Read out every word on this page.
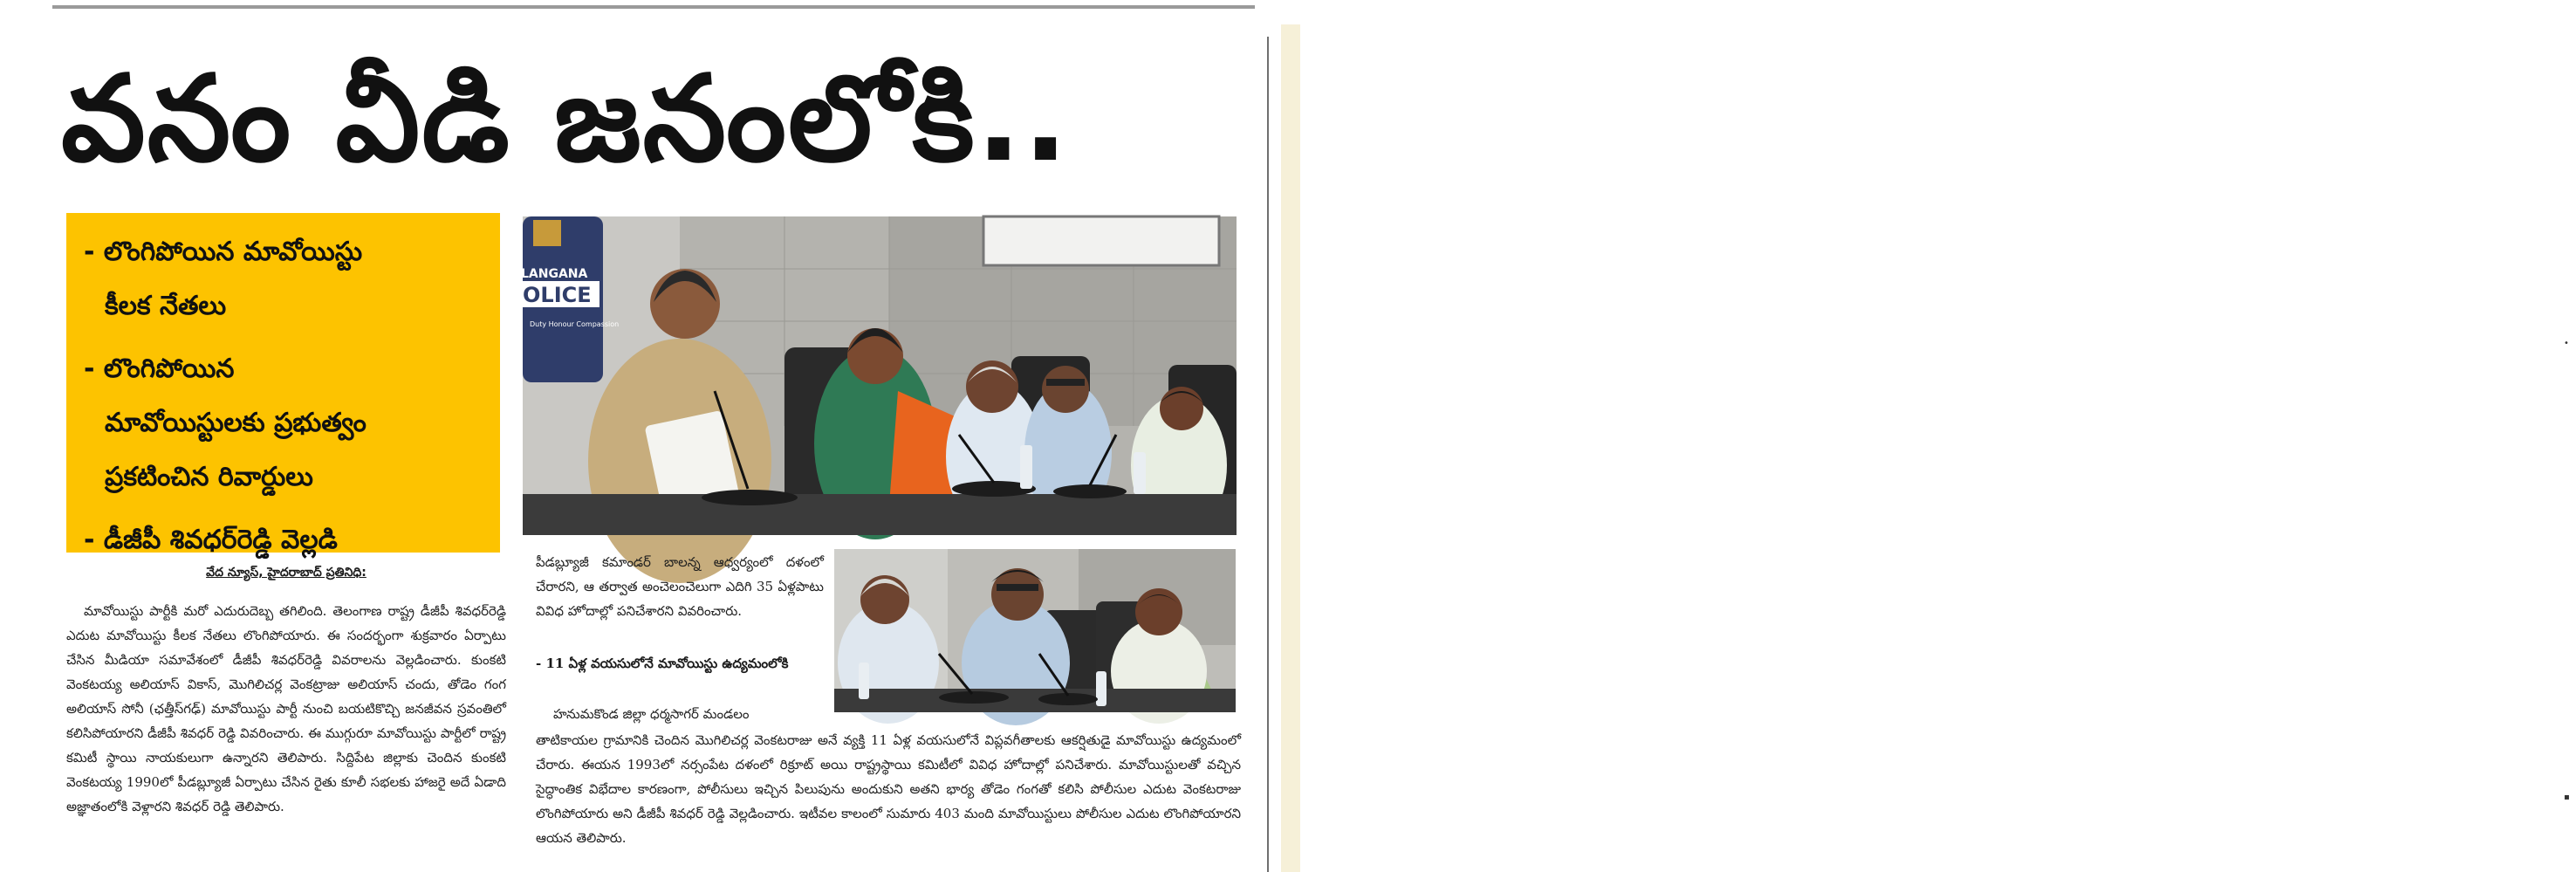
•
▪
వనం వీడి జనంలోకి..
- లొంగిపోయిన మావోయిస్టు
కీలక నేతలు
- లొంగిపోయిన
మావోయిస్టులకు ప్రభుత్వం
ప్రకటించిన రివార్డులు
- డీజీపీ శివధర్‌రెడ్డి వెల్లడి
LANGANA
OLICE
Duty Honour Compassion
వేద న్యూస్, హైదరాబాద్ ప్రతినిధి:
మావోయిస్టు పార్టీకి మరో ఎదురుదెబ్బ తగిలింది. తెలంగాణ రాష్ట్ర డీజీపీ శివధర్‌రెడ్డి ఎదుట మావోయిస్టు కీలక నేతలు లొంగిపోయారు. ఈ సందర్భంగా శుక్రవారం ఏర్పాటు చేసిన మీడియా సమావేశంలో డీజీపీ శివధర్‌రెడ్డి వివరాలను వెల్లడించారు. కుంకటి వెంకటయ్య అలియాస్ వికాస్, మొగిలిచర్ల వెంకట్రాజు అలియాస్ చందు, తోడెం గంగ అలియాస్ సోనీ (ఛత్తీస్‌గఢ్) మావోయిస్టు పార్టీ నుంచి బయటికొచ్చి జనజీవన స్రవంతిలో కలిసిపోయారని డీజీపీ శివధర్ రెడ్డి వివరించారు. ఈ ముగ్గురూ మావోయిస్టు పార్టీలో రాష్ట్ర కమిటీ స్థాయి నాయకులుగా ఉన్నారని తెలిపారు. సిద్దిపేట జిల్లాకు చెందిన కుంకటి వెంకటయ్య 1990లో పీడబ్ల్యూజీ ఏర్పాటు చేసిన రైతు కూలీ సభలకు హాజరై అదే ఏడాది అజ్ఞాతంలోకి వెళ్లారని శివధర్ రెడ్డి తెలిపారు.
పీడబ్ల్యూజీ కమాండర్ బాలన్న ఆధ్వర్యంలో దళంలో చేరారని, ఆ తర్వాత అంచెలంచెలుగా ఎదిగి 35 ఏళ్లపాటు వివిధ హోదాల్లో పనిచేశారని వివరించారు.
- 11 ఏళ్ల వయసులోనే మావోయిస్టు ఉద్యమంలోకి
హనుమకొండ జిల్లా ధర్మసాగర్ మండలం
తాటికాయల గ్రామానికి చెందిన మొగిలిచర్ల వెంకటరాజు అనే వ్యక్తి 11 ఏళ్ల వయసులోనే విప్లవగీతాలకు ఆకర్షితుడై మావోయిస్టు ఉద్యమంలో చేరారు. ఈయన 1993లో నర్సంపేట దళంలో రిక్రూట్ అయి రాష్ట్రస్థాయి కమిటీలో వివిధ హోదాల్లో పనిచేశారు. మావోయిస్టులతో వచ్చిన సైద్ధాంతిక విభేదాల కారణంగా, పోలీసులు ఇచ్చిన పిలుపును అందుకుని అతని భార్య తోడెం గంగతో కలిసి పోలీసుల ఎదుట వెంకటరాజు లొంగిపోయారు అని డీజీపీ శివధర్ రెడ్డి వెల్లడించారు. ఇటీవల కాలంలో సుమారు 403 మంది మావోయిస్టులు పోలీసుల ఎదుట లొంగిపోయారని ఆయన తెలిపారు.
